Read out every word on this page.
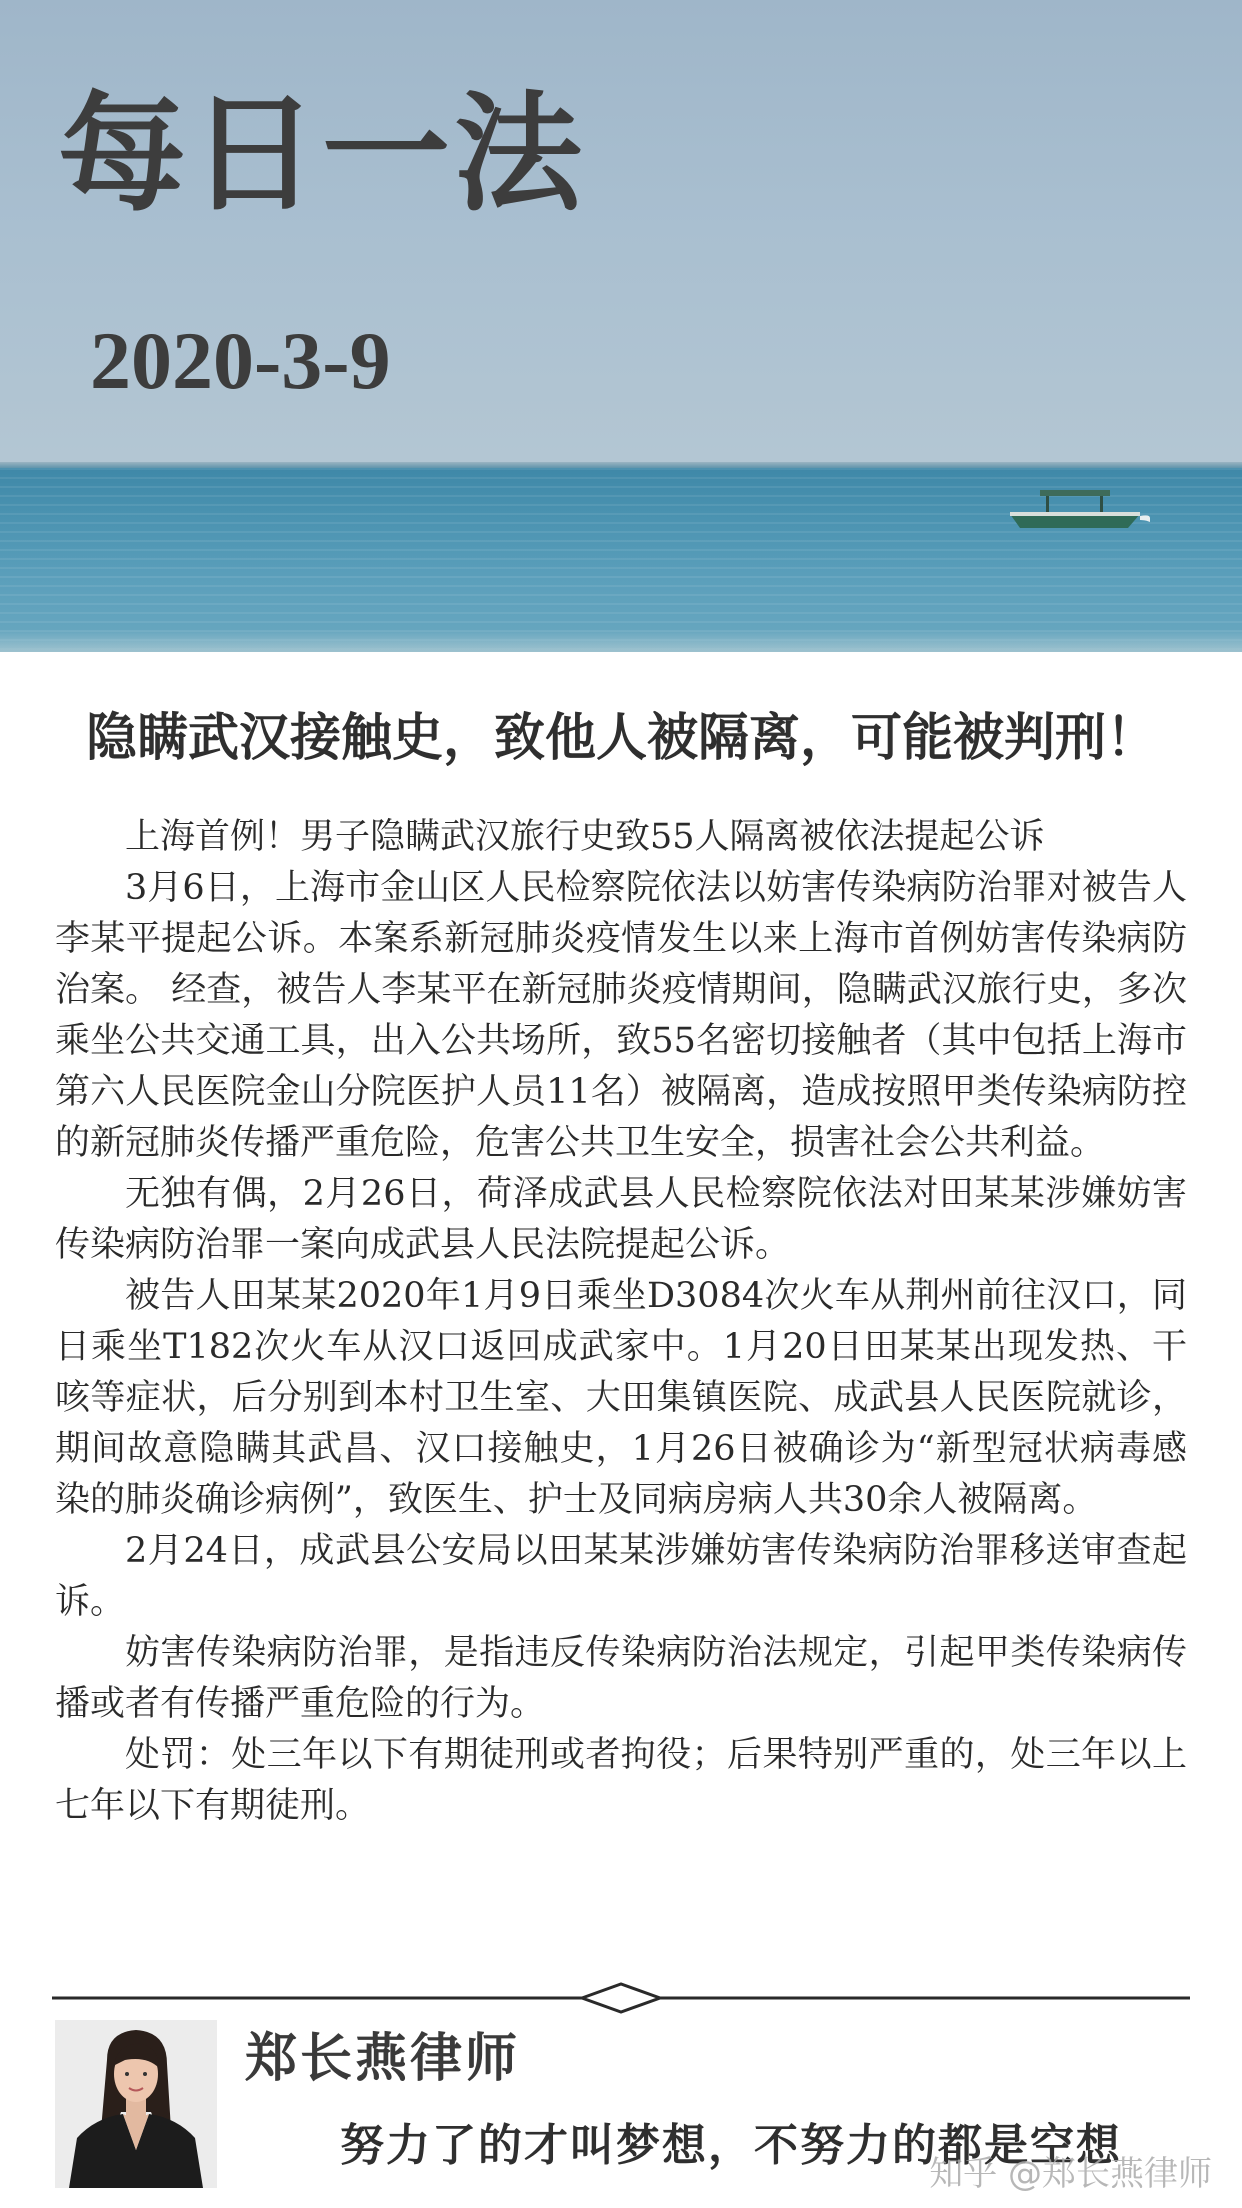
每日一法
2020-3-9
隐瞒武汉接触史，致他人被隔离，可能被判刑！

上海首例！男子隐瞒武汉旅行史致55人隔离被依法提起公诉

3月6日，上海市金山区人民检察院依法以妨害传染病防治罪对被告人李某平提起公诉。本案系新冠肺炎疫情发生以来上海市首例妨害传染病防治案。 经查，被告人李某平在新冠肺炎疫情期间，隐瞒武汉旅行史，多次乘坐公共交通工具，出入公共场所，致55名密切接触者（其中包括上海市第六人民医院金山分院医护人员11名）被隔离，造成按照甲类传染病防控的新冠肺炎传播严重危险，危害公共卫生安全，损害社会公共利益。

无独有偶，2月26日，荷泽成武县人民检察院依法对田某某涉嫌妨害传染病防治罪一案向成武县人民法院提起公诉。

被告人田某某2020年1月9日乘坐D3084次火车从荆州前往汉口，同日乘坐T182次火车从汉口返回成武家中。1月20日田某某出现发热、干咳等症状，后分别到本村卫生室、大田集镇医院、成武县人民医院就诊，期间故意隐瞒其武昌、汉口接触史，1月26日被确诊为“新型冠状病毒感染的肺炎确诊病例”，致医生、护士及同病房病人共30余人被隔离。

2月24日，成武县公安局以田某某涉嫌妨害传染病防治罪移送审查起诉。

妨害传染病防治罪，是指违反传染病防治法规定，引起甲类传染病传播或者有传播严重危险的行为。

处罚：处三年以下有期徒刑或者拘役；后果特别严重的，处三年以上七年以下有期徒刑。

郑长燕律师
努力了的才叫梦想，不努力的都是空想
知乎 @郑长燕律师
